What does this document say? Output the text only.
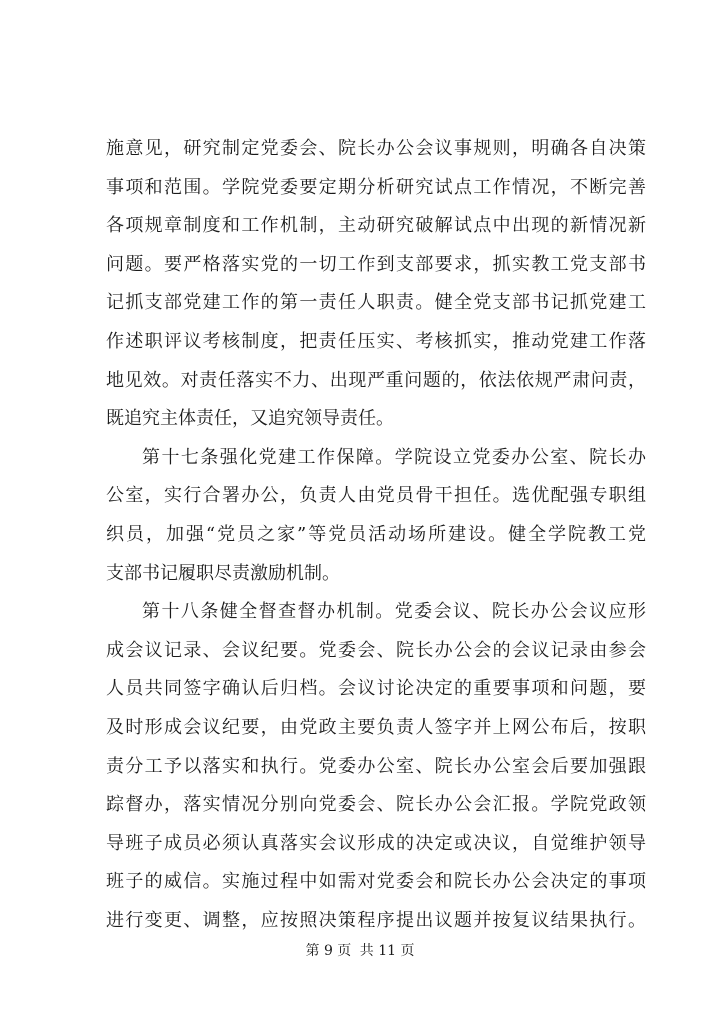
施意见，研究制定党委会、院长办公会议事规则，明确各自决策
事项和范围。学院党委要定期分析研究试点工作情况，不断完善
各项规章制度和工作机制，主动研究破解试点中出现的新情况新
问题。要严格落实党的一切工作到支部要求，抓实教工党支部书
记抓支部党建工作的第一责任人职责。健全党支部书记抓党建工
作述职评议考核制度，把责任压实、考核抓实，推动党建工作落
地见效。对责任落实不力、出现严重问题的，依法依规严肃问责，
既追究主体责任，又追究领导责任。
第十七条强化党建工作保障。学院设立党委办公室、院长办
公室，实行合署办公，负责人由党员骨干担任。选优配强专职组
织员，加强“党员之家”等党员活动场所建设。健全学院教工党
支部书记履职尽责激励机制。
第十八条健全督查督办机制。党委会议、院长办公会议应形
成会议记录、会议纪要。党委会、院长办公会的会议记录由参会
人员共同签字确认后归档。会议讨论决定的重要事项和问题，要
及时形成会议纪要，由党政主要负责人签字并上网公布后，按职
责分工予以落实和执行。党委办公室、院长办公室会后要加强跟
踪督办，落实情况分别向党委会、院长办公会汇报。学院党政领
导班子成员必须认真落实会议形成的决定或决议，自觉维护领导
班子的威信。实施过程中如需对党委会和院长办公会决定的事项
进行变更、调整，应按照决策程序提出议题并按复议结果执行。
第 9 页 共 11 页
